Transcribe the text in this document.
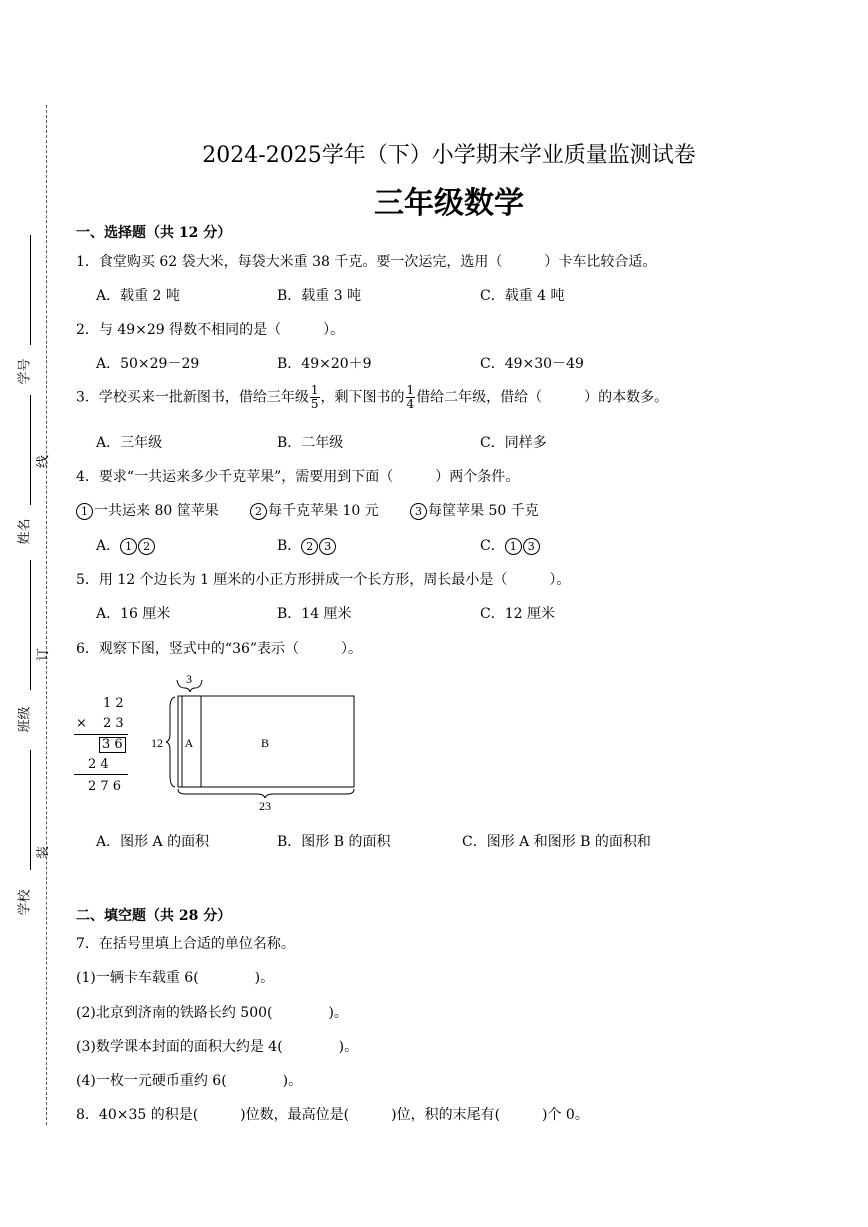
学号
线
姓名
订
班级
装
学校
2024-2025学年（下）小学期末学业质量监测试卷
三年级数学
一、选择题（共 12 分）
1．食堂购买 62 袋大米，每袋大米重 38 千克。要一次运完，选用（　　　）卡车比较合适。
A．载重 2 吨	B．载重 3 吨	C．载重 4 吨
2．与 49×29 得数不相同的是（　　　）。
A．50×29－29	B．49×20＋9	C．49×30－49
3．学校买来一批新图书，借给三年级 $\frac{1}{5}$ ，剩下图书的 $\frac{1}{4}$ 借给二年级，借给（　　　）的本数多。
A．三年级	B．二年级	C．同样多
4．要求“一共运来多少千克苹果”，需要用到下面（　　　）两个条件。
1 一共运来 80 筐苹果	2 每千克苹果 10 元	3 每筐苹果 50 千克
A． 1 2	B． 2 3	C． 1 3
5．用 12 个边长为 1 厘米的小正方形拼成一个长方形，周长最小是（　　　）。
A．16 厘米	B．14 厘米	C．12 厘米
6．观察下图，竖式中的“36”表示（　　　）。
1 2
× 2 3
3 6
2 4
2 7 6
3
12
23
A	B
A．图形 A 的面积	B．图形 B 的面积	C．图形 A 和图形 B 的面积和
二、填空题（共 28 分）
7．在括号里填上合适的单位名称。
(1)一辆卡车载重 6(　　　　)。
(2)北京到济南的铁路长约 500(　　　　)。
(3)数学课本封面的面积大约是 4(　　　　)。
(4)一枚一元硬币重约 6(　　　　)。
8．40×35 的积是(　　　)位数，最高位是(　　　)位，积的末尾有(　　　)个 0。
